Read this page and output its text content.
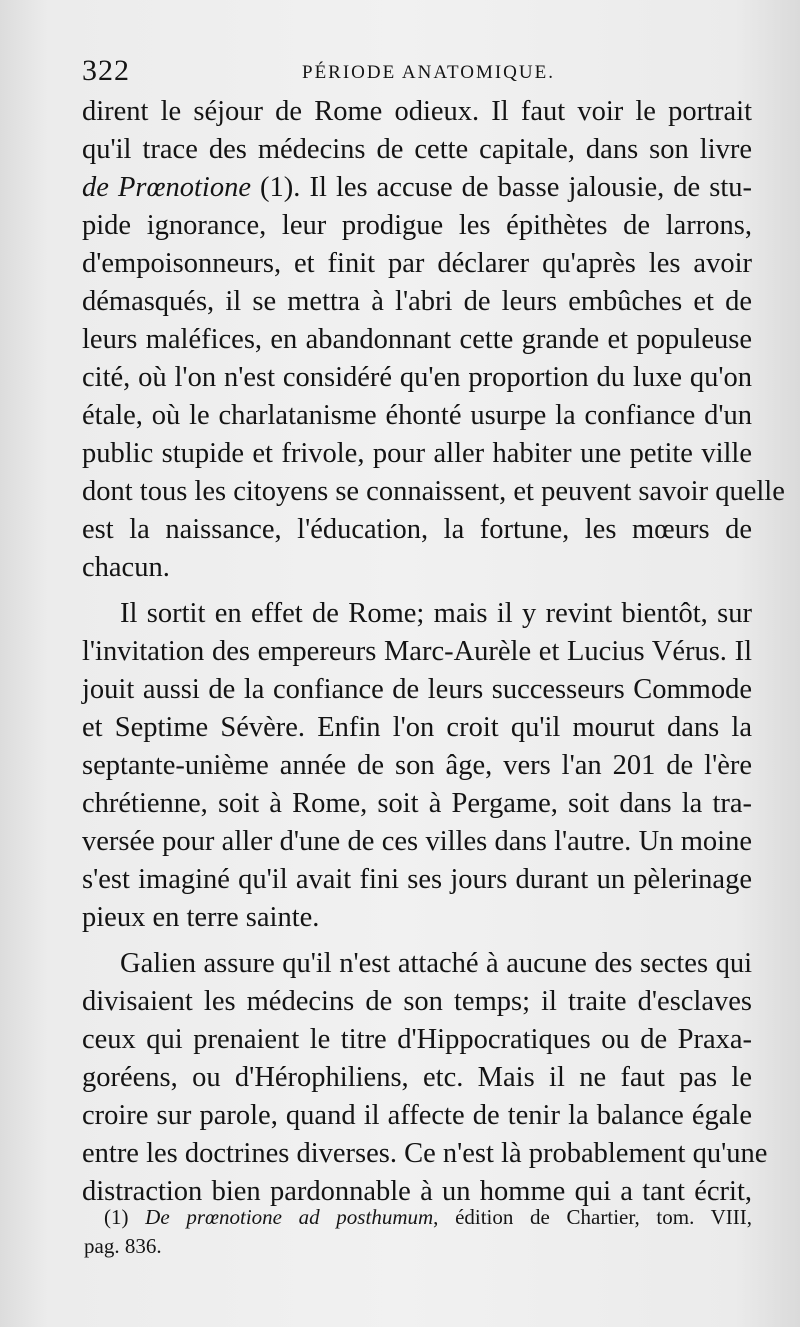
322	PÉRIODE ANATOMIQUE.
dirent le séjour de Rome odieux. Il faut voir le portrait
qu'il trace des médecins de cette capitale, dans son livre
de Prœnotione (1). Il les accuse de basse jalousie, de stu-
pide ignorance, leur prodigue les épithètes de larrons,
d'empoisonneurs, et finit par déclarer qu'après les avoir
démasqués, il se mettra à l'abri de leurs embûches et de
leurs maléfices, en abandonnant cette grande et populeuse
cité, où l'on n'est considéré qu'en proportion du luxe qu'on
étale, où le charlatanisme éhonté usurpe la confiance d'un
public stupide et frivole, pour aller habiter une petite ville
dont tous les citoyens se connaissent, et peuvent savoir quelle
est la naissance, l'éducation, la fortune, les mœurs de
chacun.
Il sortit en effet de Rome; mais il y revint bientôt, sur
l'invitation des empereurs Marc-Aurèle et Lucius Vérus. Il
jouit aussi de la confiance de leurs successeurs Commode
et Septime Sévère. Enfin l'on croit qu'il mourut dans la
septante-unième année de son âge, vers l'an 201 de l'ère
chrétienne, soit à Rome, soit à Pergame, soit dans la tra-
versée pour aller d'une de ces villes dans l'autre. Un moine
s'est imaginé qu'il avait fini ses jours durant un pèlerinage
pieux en terre sainte.
Galien assure qu'il n'est attaché à aucune des sectes qui
divisaient les médecins de son temps; il traite d'esclaves
ceux qui prenaient le titre d'Hippocratiques ou de Praxa-
goréens, ou d'Hérophiliens, etc. Mais il ne faut pas le
croire sur parole, quand il affecte de tenir la balance égale
entre les doctrines diverses. Ce n'est là probablement qu'une
distraction bien pardonnable à un homme qui a tant écrit,
(1) De prœnotione ad posthumum, édition de Chartier, tom. VIII,
pag. 836.
